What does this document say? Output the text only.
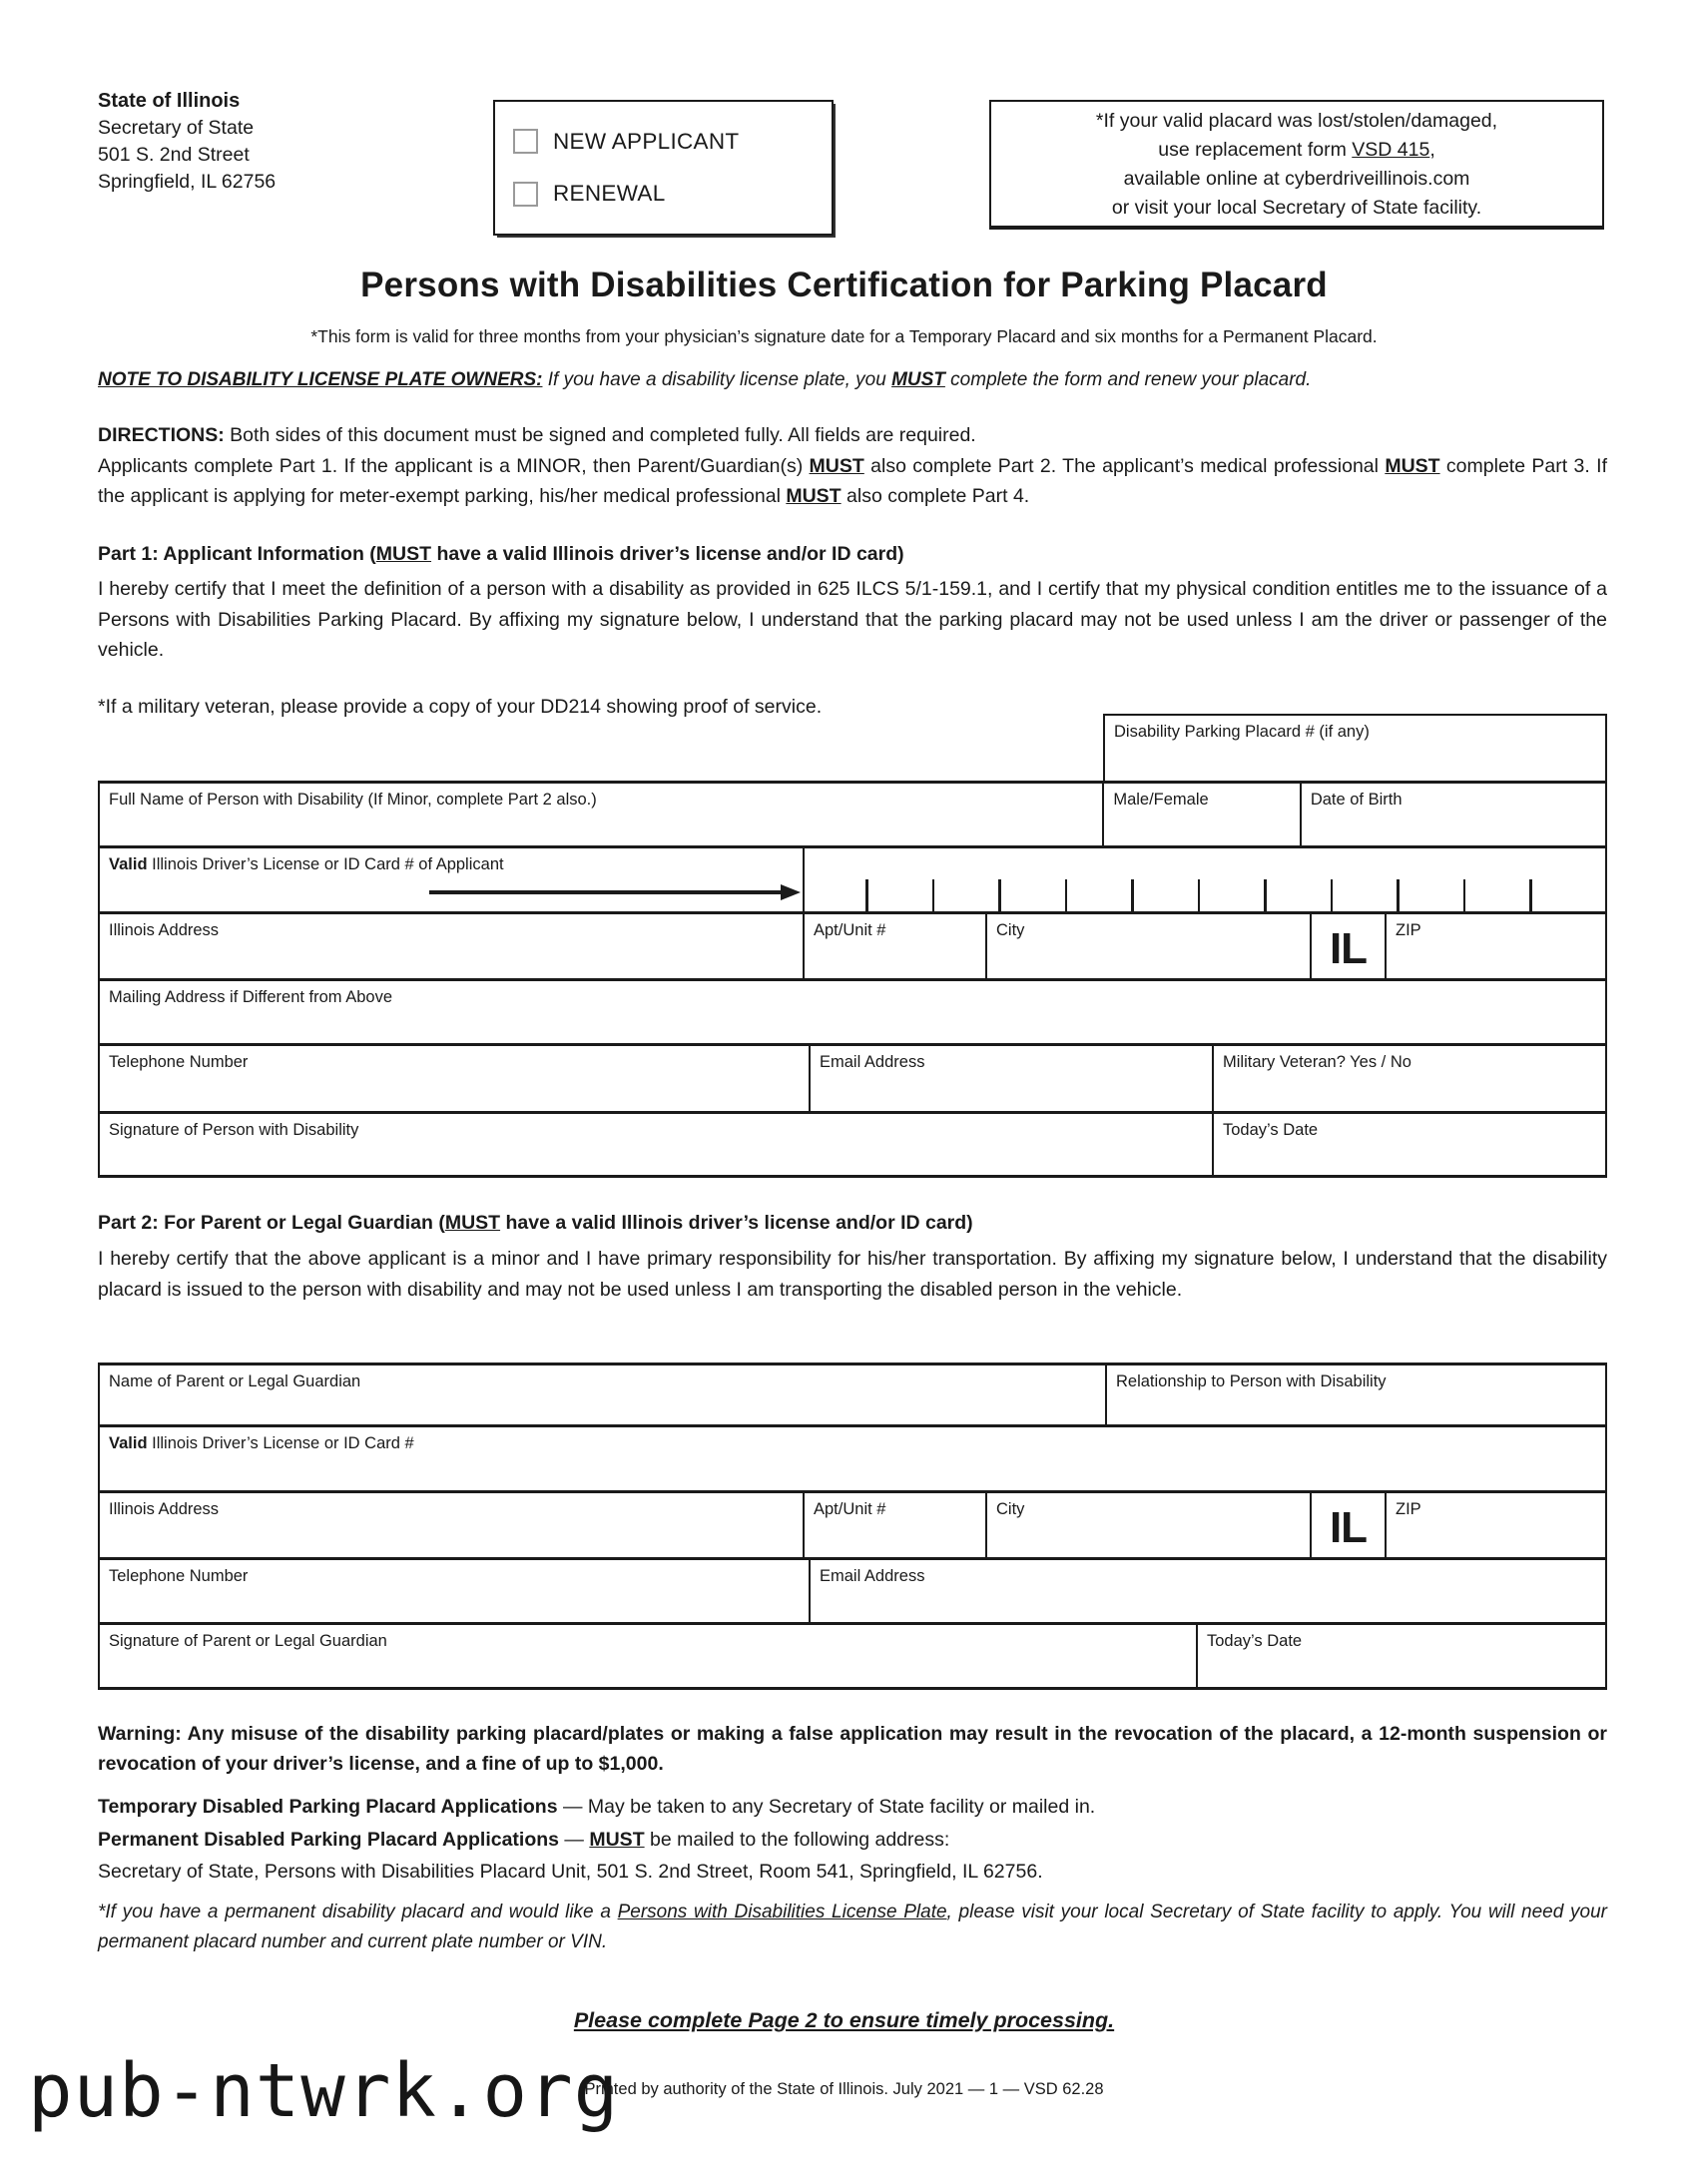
State of Illinois
Secretary of State
501 S. 2nd Street
Springfield, IL 62756
NEW APPLICANT
RENEWAL
*If your valid placard was lost/stolen/damaged,
use replacement form VSD 415,
available online at cyberdriveillinois.com
or visit your local Secretary of State facility.
Persons with Disabilities Certification for Parking Placard
*This form is valid for three months from your physician’s signature date for a Temporary Placard and six months for a Permanent Placard.
NOTE TO DISABILITY LICENSE PLATE OWNERS: If you have a disability license plate, you MUST complete the form and renew your placard.
DIRECTIONS: Both sides of this document must be signed and completed fully. All fields are required.
Applicants complete Part 1. If the applicant is a MINOR, then Parent/Guardian(s) MUST also complete Part 2. The applicant’s medical professional MUST complete Part 3. If the applicant is applying for meter-exempt parking, his/her medical professional MUST also complete Part 4.
Part 1: Applicant Information (MUST have a valid Illinois driver’s license and/or ID card)
I hereby certify that I meet the definition of a person with a disability as provided in 625 ILCS 5/1-159.1, and I certify that my physical condition entitles me to the issuance of a Persons with Disabilities Parking Placard. By affixing my signature below, I understand that the parking placard may not be used unless I am the driver or passenger of the vehicle.
*If a military veteran, please provide a copy of your DD214 showing proof of service.
Disability Parking Placard # (if any)
Full Name of Person with Disability (If Minor, complete Part 2 also.)	Male/Female	Date of Birth
Valid Illinois Driver’s License or ID Card # of Applicant
Illinois Address	Apt/Unit #	City	IL	ZIP
Mailing Address if Different from Above
Telephone Number	Email Address	Military Veteran? Yes / No
Signature of Person with Disability	Today’s Date
Part 2: For Parent or Legal Guardian (MUST have a valid Illinois driver’s license and/or ID card)
I hereby certify that the above applicant is a minor and I have primary responsibility for his/her transportation. By affixing my signature below, I understand that the disability placard is issued to the person with disability and may not be used unless I am transporting the disabled person in the vehicle.
Name of Parent or Legal Guardian	Relationship to Person with Disability
Valid Illinois Driver’s License or ID Card #
Illinois Address	Apt/Unit #	City	IL	ZIP
Telephone Number	Email Address
Signature of Parent or Legal Guardian	Today’s Date
Warning: Any misuse of the disability parking placard/plates or making a false application may result in the revocation of the placard, a 12-month suspension or revocation of your driver’s license, and a fine of up to $1,000.
Temporary Disabled Parking Placard Applications — May be taken to any Secretary of State facility or mailed in.
Permanent Disabled Parking Placard Applications — MUST be mailed to the following address:
Secretary of State, Persons with Disabilities Placard Unit, 501 S. 2nd Street, Room 541, Springfield, IL 62756.
*If you have a permanent disability placard and would like a Persons with Disabilities License Plate, please visit your local Secretary of State facility to apply. You will need your permanent placard number and current plate number or VIN.
Please complete Page 2 to ensure timely processing.
pub-ntwrk.org
Printed by authority of the State of Illinois. July 2021 — 1 — VSD 62.28
